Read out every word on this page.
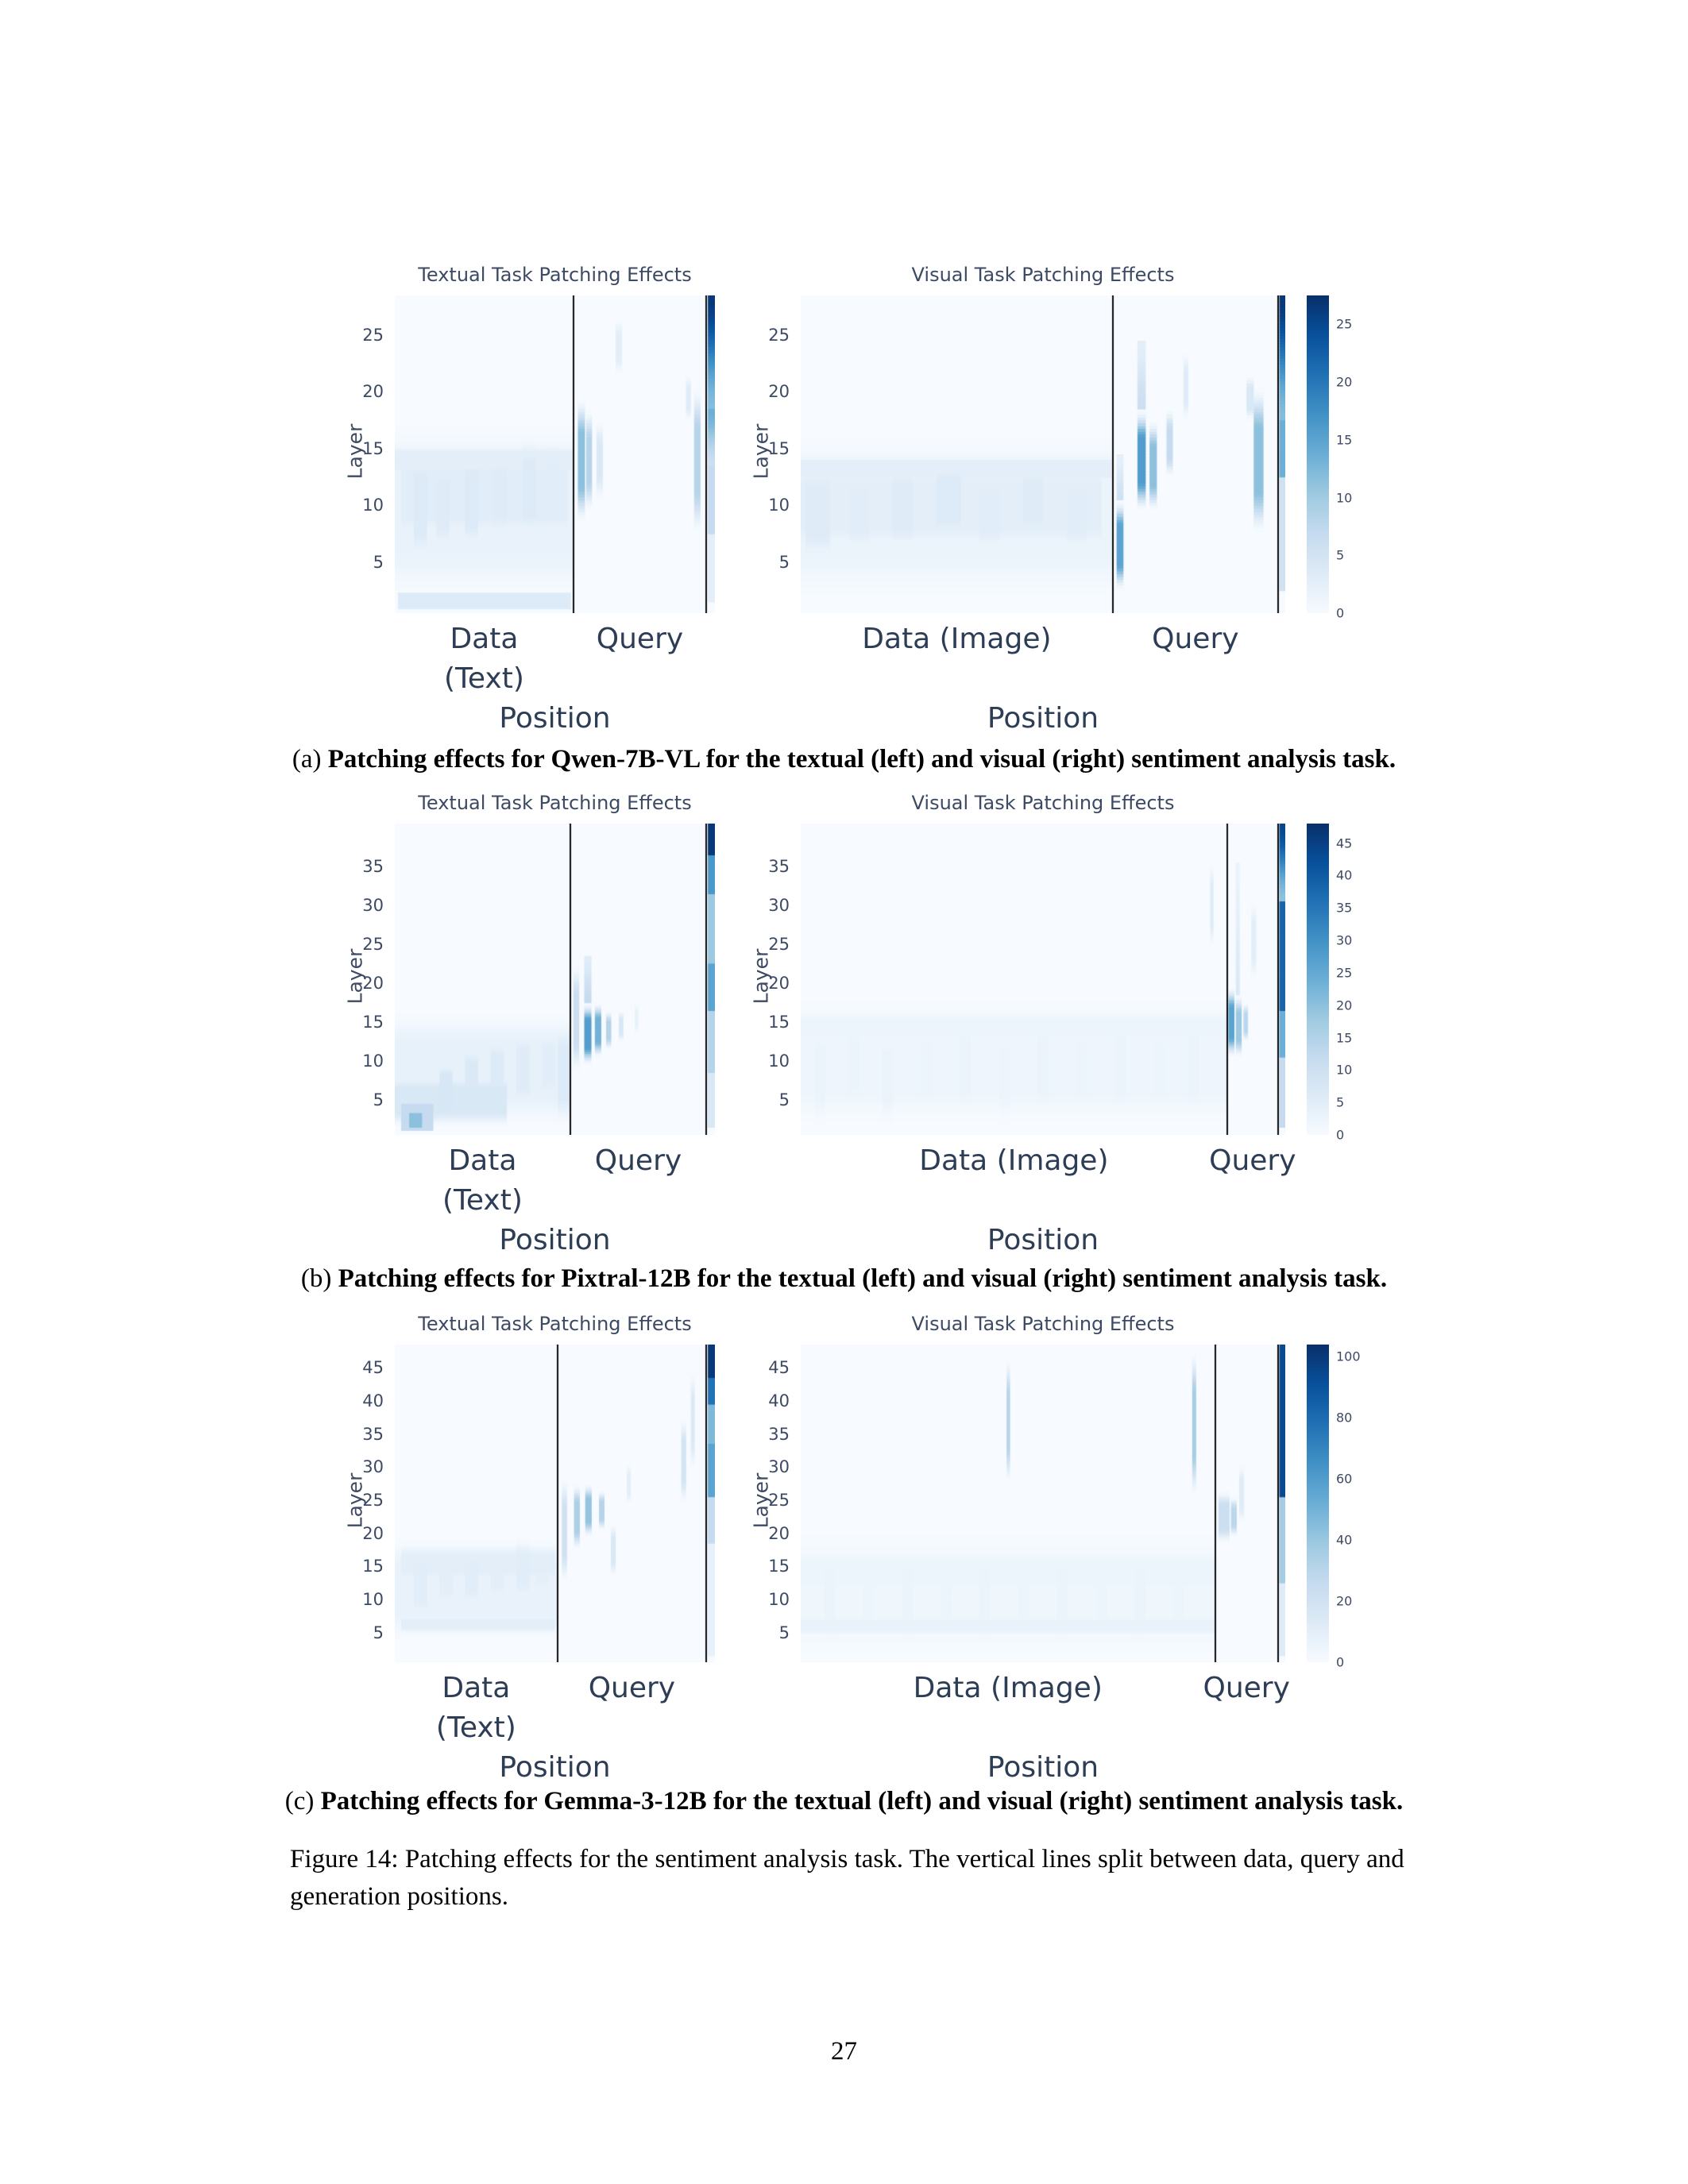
Textual Task Patching Effects
Layer
5
10
15
20
25
Data
(Text)
Query
Position
Visual Task Patching Effects
Layer
5
10
15
20
25
Data (Image)	Query
Position
0
5
10
15
20
25
Textual Task Patching Effects
Layer
5
10
15
20
25
30
35
Data
(Text)
Query
Position
Visual Task Patching Effects
Layer
5
10
15
20
25
30
35
Data (Image)	Query
Position
0
5
10
15
20
25
30
35
40
45
Textual Task Patching Effects
Layer
5
10
15
20
25
30
35
40
45
Data
(Text)
Query
Position
Visual Task Patching Effects
Layer
5
10
15
20
25
30
35
40
45
Data (Image)	Query
Position
0
20
40
60
80
100
(a) Patching effects for Qwen-7B-VL for the textual (left) and visual (right) sentiment analysis task.
(b) Patching effects for Pixtral-12B for the textual (left) and visual (right) sentiment analysis task.
(c) Patching effects for Gemma-3-12B for the textual (left) and visual (right) sentiment analysis task.
Figure 14: Patching effects for the sentiment analysis task. The vertical lines split between data, query and generation positions.
27
